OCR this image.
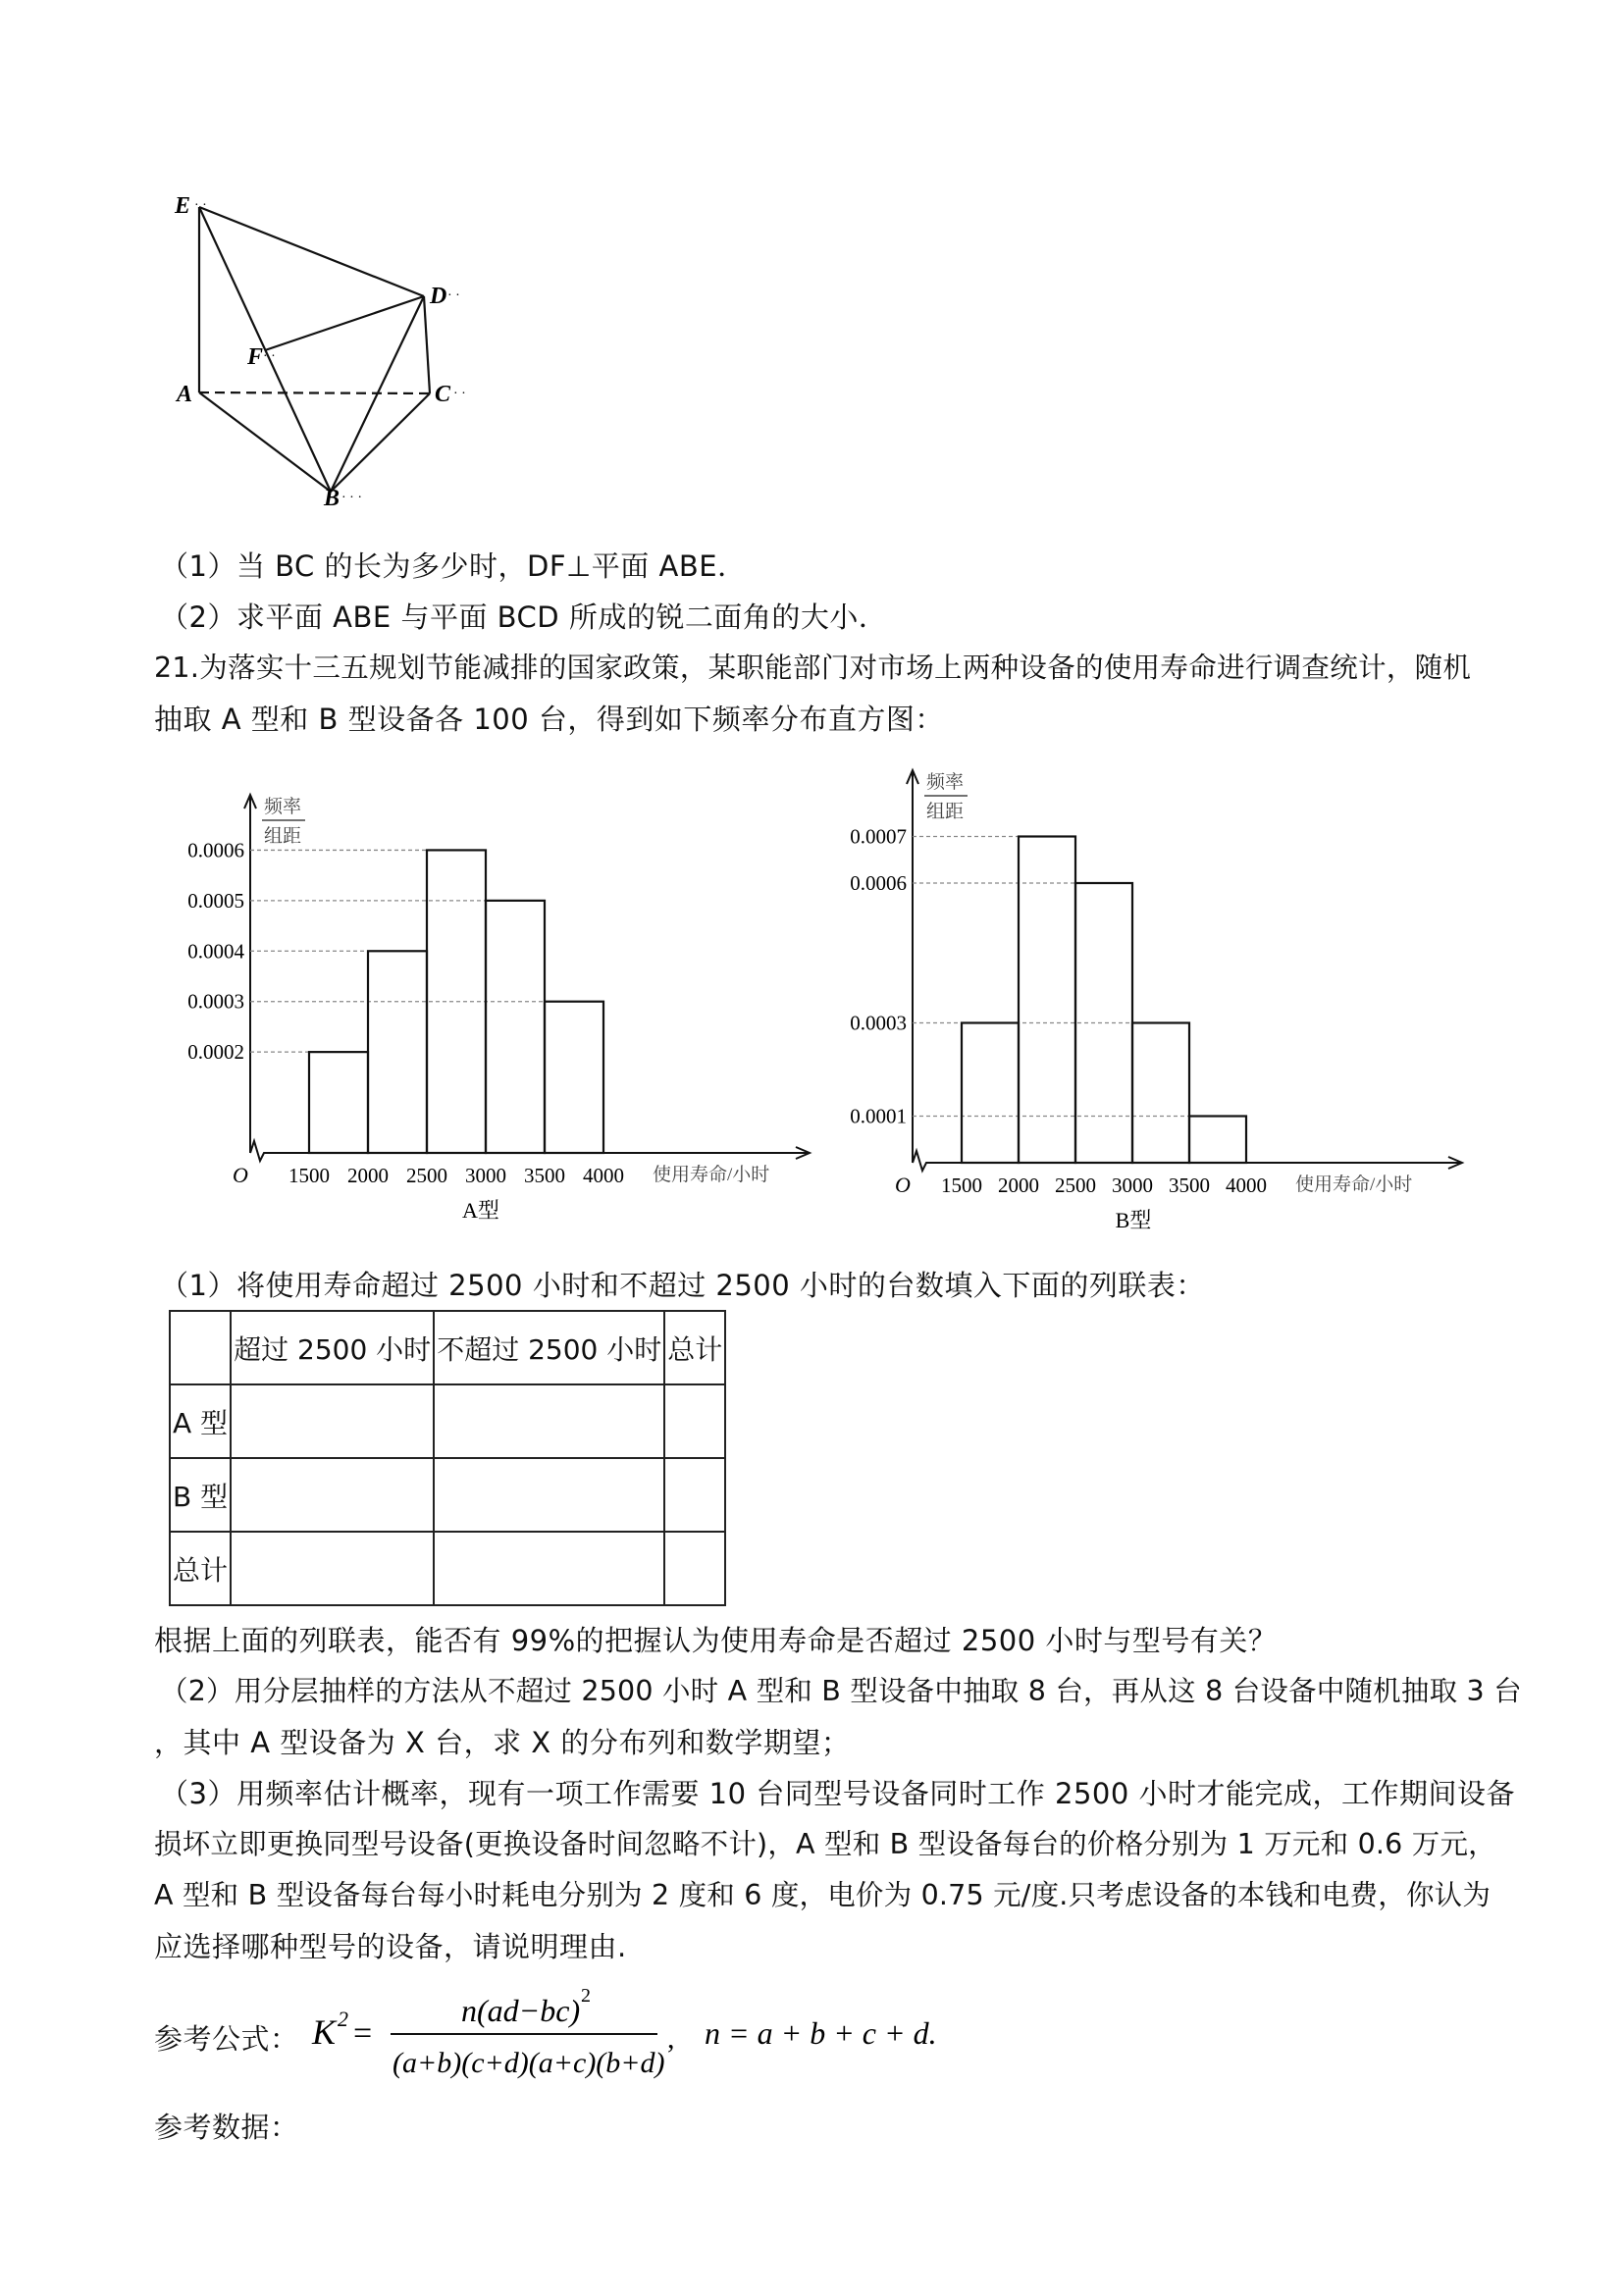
E · ·
D · ·
F · ·
A	C · ·
B · · ·
（1）当 BC 的长为多少时，DF⊥平面 ABE．
（2）求平面 ABE 与平面 BCD 所成的锐二面角的大小．
21.为落实十三五规划节能减排的国家政策，某职能部门对市场上两种设备的使用寿命进行调查统计，随机
抽取 A 型和 B 型设备各 100 台，得到如下频率分布直方图：
频率
组距
0.0006
0.0005
0.0004
0.0003
0.0002
1500 2000 2500 3000 3500 4000
O	使用寿命/小时
A型
频率
组距
0.0007
0.0006
0.0003
0.0001
1500 2000 2500 3000 3500 4000
O	使用寿命/小时
B型
（1）将使用寿命超过 2500 小时和不超过 2500 小时的台数填入下面的列联表：
	超过 2500 小时	不超过 2500 小时	总计
A 型			
B 型			
总计			
根据上面的列联表，能否有 99%的把握认为使用寿命是否超过 2500 小时与型号有关？
（2）用分层抽样的方法从不超过 2500 小时 A 型和 B 型设备中抽取 8 台，再从这 8 台设备中随机抽取 3 台
，其中 A 型设备为 X 台，求 X 的分布列和数学期望；
（3）用频率估计概率，现有一项工作需要 10 台同型号设备同时工作 2500 小时才能完成，工作期间设备
损坏立即更换同型号设备(更换设备时间忽略不计)，A 型和 B 型设备每台的价格分别为 1 万元和 0.6 万元，
A 型和 B 型设备每台每小时耗电分别为 2 度和 6 度，电价为 0.75 元/度.只考虑设备的本钱和电费，你认为
应选择哪种型号的设备，请说明理由.
参考公式： K 2 =
n(ad−bc) 2
(a+b)(c+d)(a+c)(b+d)
, n = a + b + c + d.
参考数据：
